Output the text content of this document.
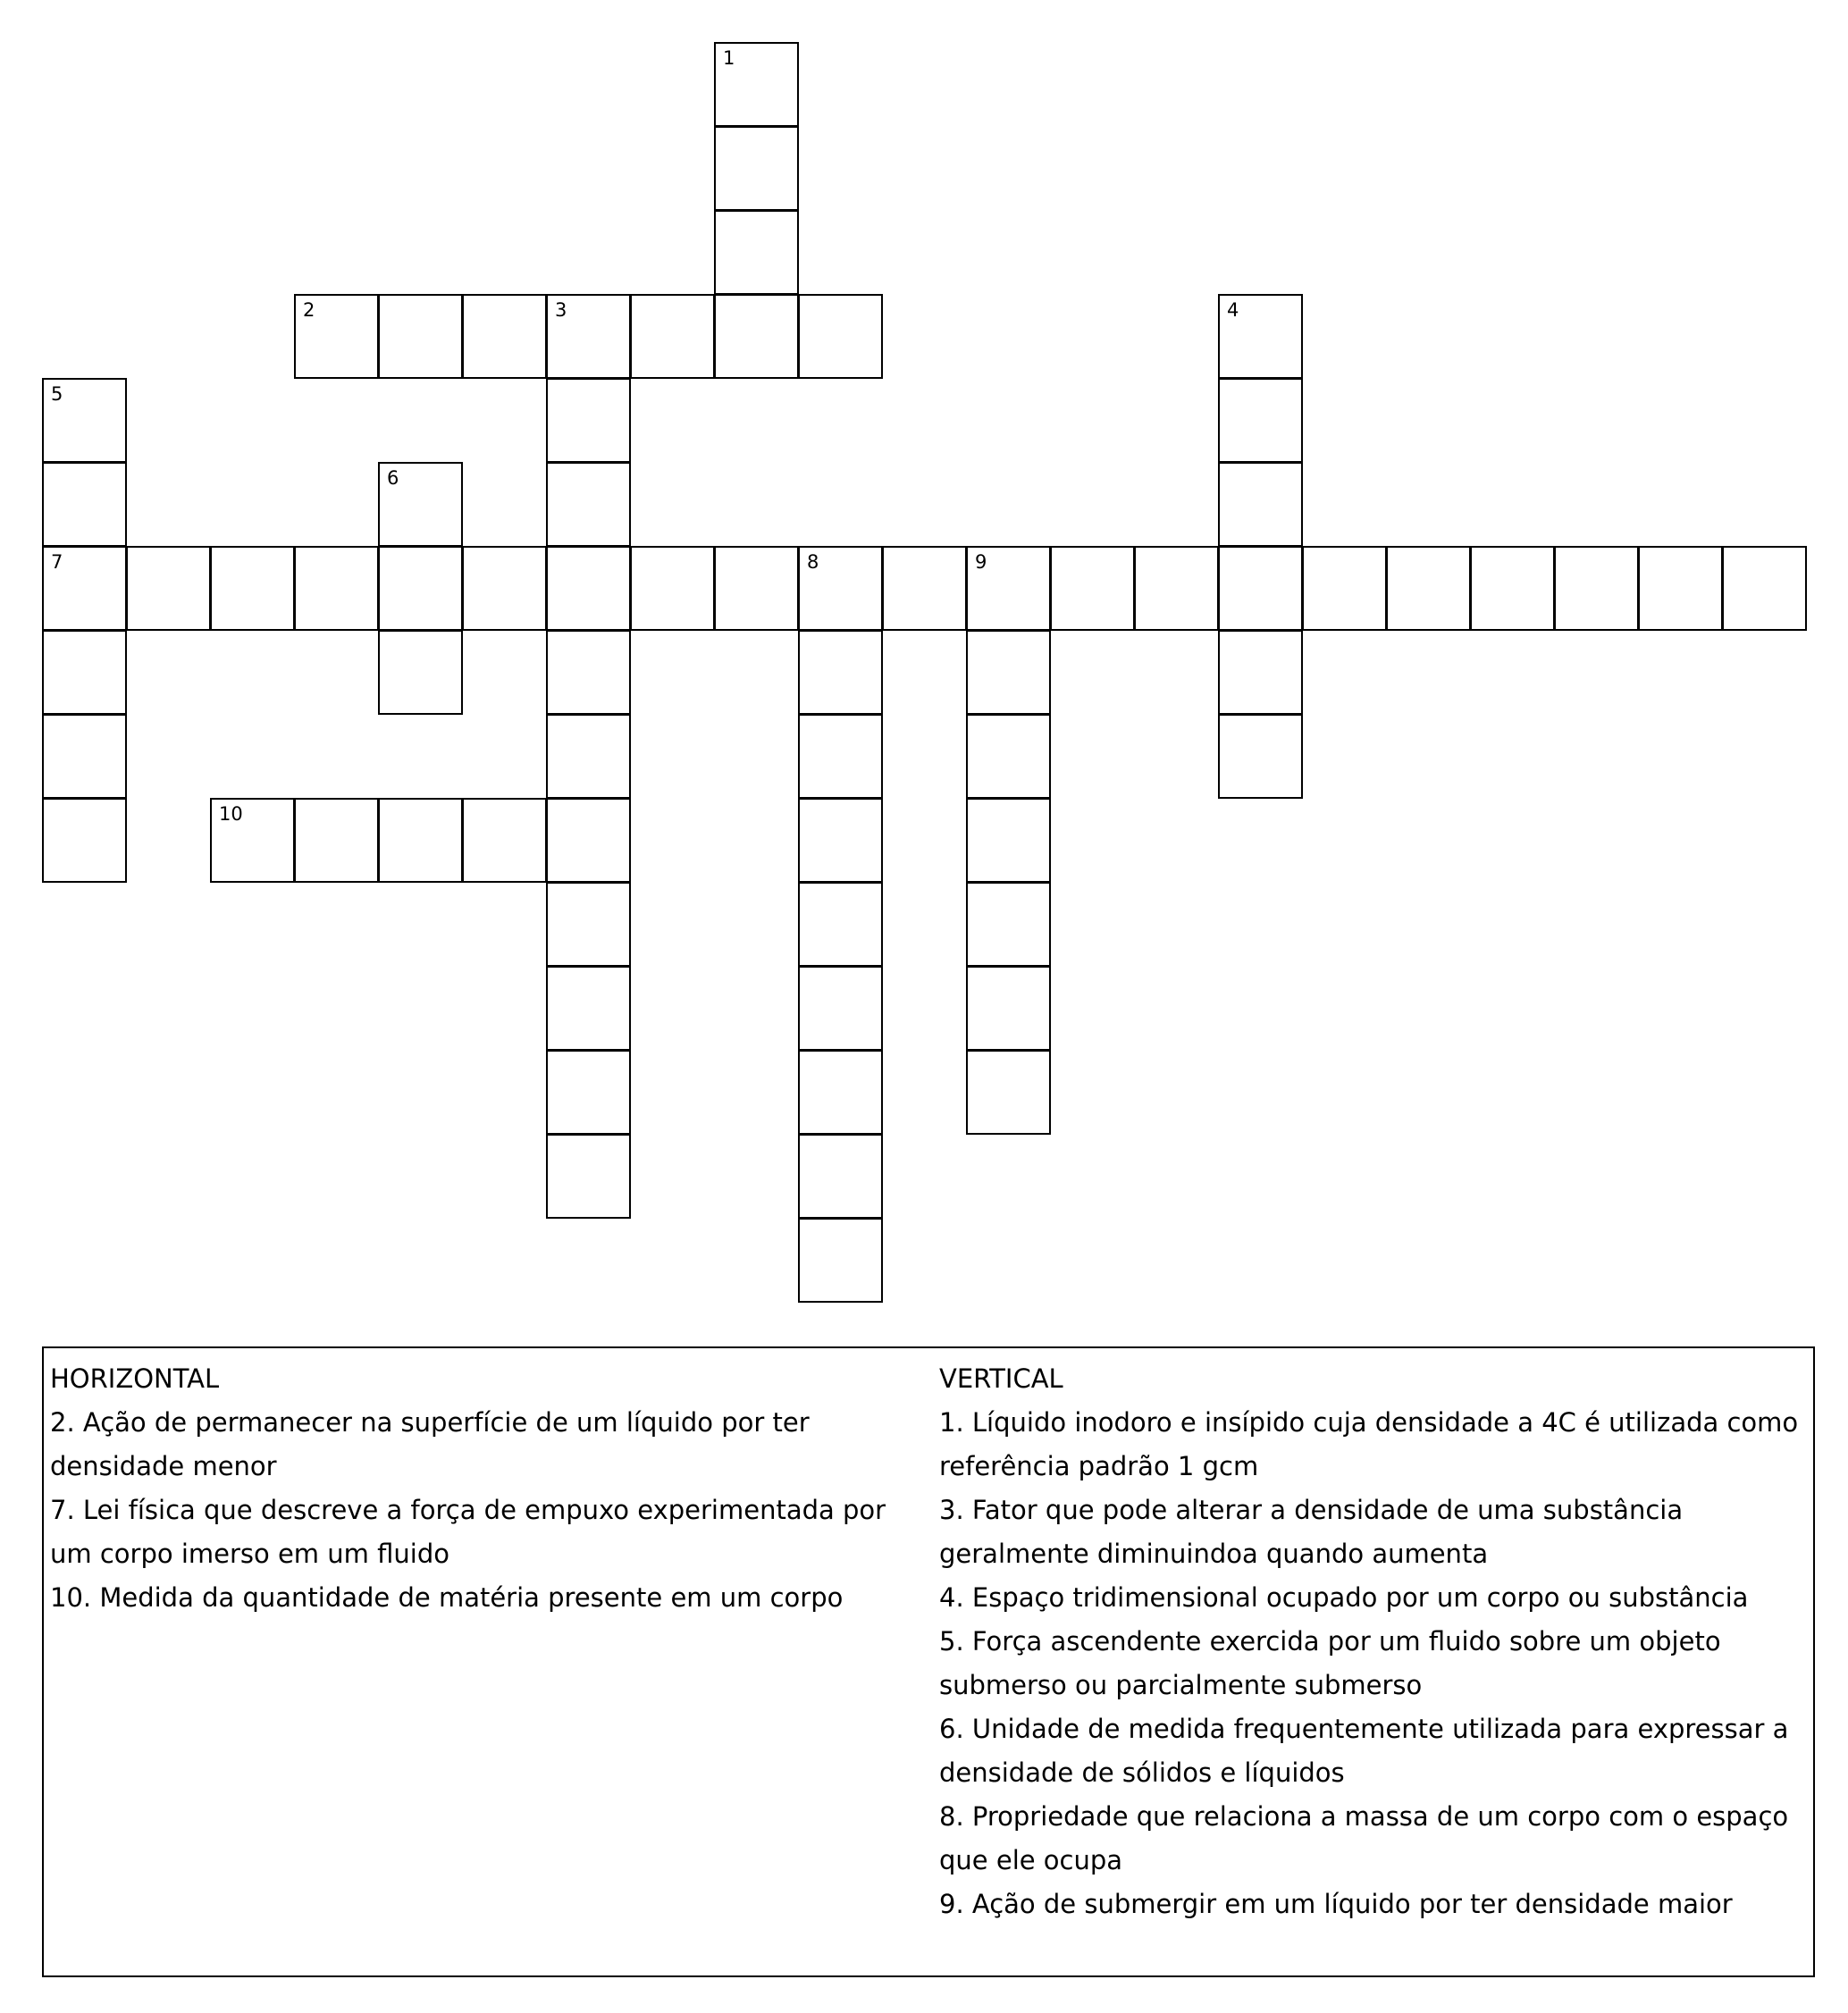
1
2	3	4
5
7
6
8	9
10

HORIZONTAL

2. Ação de permanecer na superfície de um líquido por ter densidade menor

7. Lei física que descreve a força de empuxo experimentada por um corpo imerso em um fluido

10. Medida da quantidade de matéria presente em um corpo

VERTICAL

1. Líquido inodoro e insípido cuja densidade a 4C é utilizada como referência padrão 1 gcm

3. Fator que pode alterar a densidade de uma substância geralmente diminuindoa quando aumenta

4. Espaço tridimensional ocupado por um corpo ou substância

5. Força ascendente exercida por um fluido sobre um objeto submerso ou parcialmente submerso

6. Unidade de medida frequentemente utilizada para expressar a densidade de sólidos e líquidos

8. Propriedade que relaciona a massa de um corpo com o espaço que ele ocupa

9. Ação de submergir em um líquido por ter densidade maior
